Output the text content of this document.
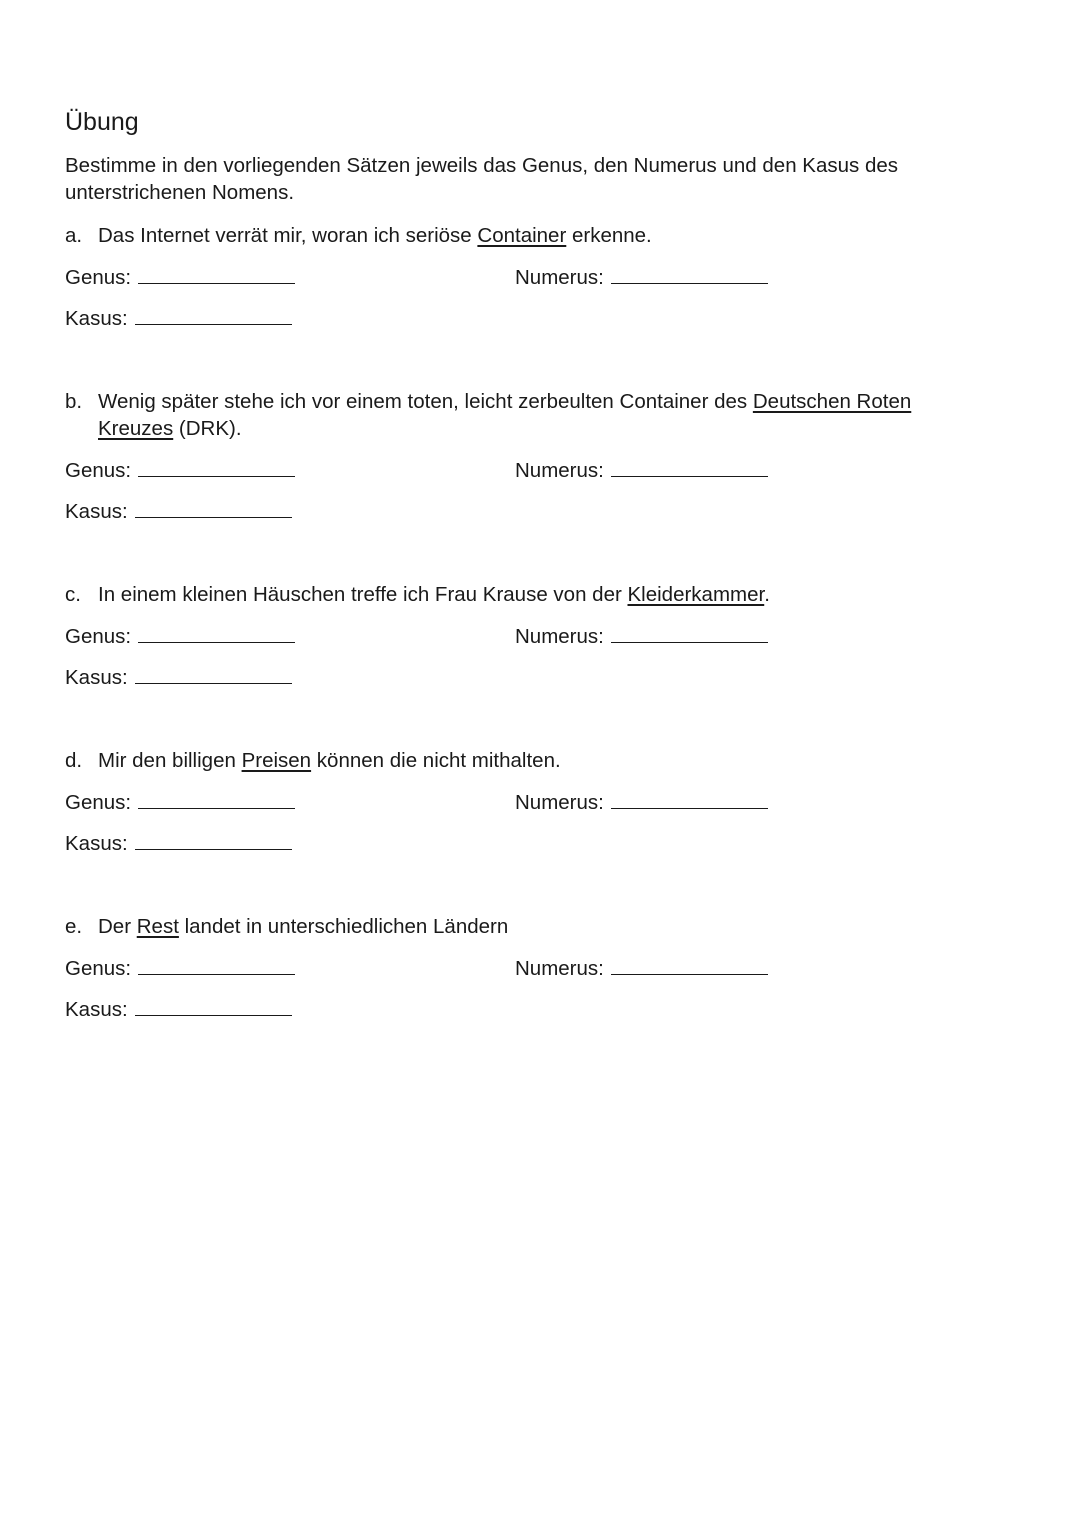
Übung
Bestimme in den vorliegenden Sätzen jeweils das Genus, den Numerus und den Kasus des unterstrichenen Nomens.
a. Das Internet verrät mir, woran ich seriöse Container erkenne.
Genus:	Numerus:
Kasus:
b. Wenig später stehe ich vor einem toten, leicht zerbeulten Container des Deutschen Roten Kreuzes (DRK).
Genus:	Numerus:
Kasus:
c. In einem kleinen Häuschen treffe ich Frau Krause von der Kleiderkammer.
Genus:	Numerus:
Kasus:
d. Mir den billigen Preisen können die nicht mithalten.
Genus:	Numerus:
Kasus:
e. Der Rest landet in unterschiedlichen Ländern
Genus:	Numerus:
Kasus:
